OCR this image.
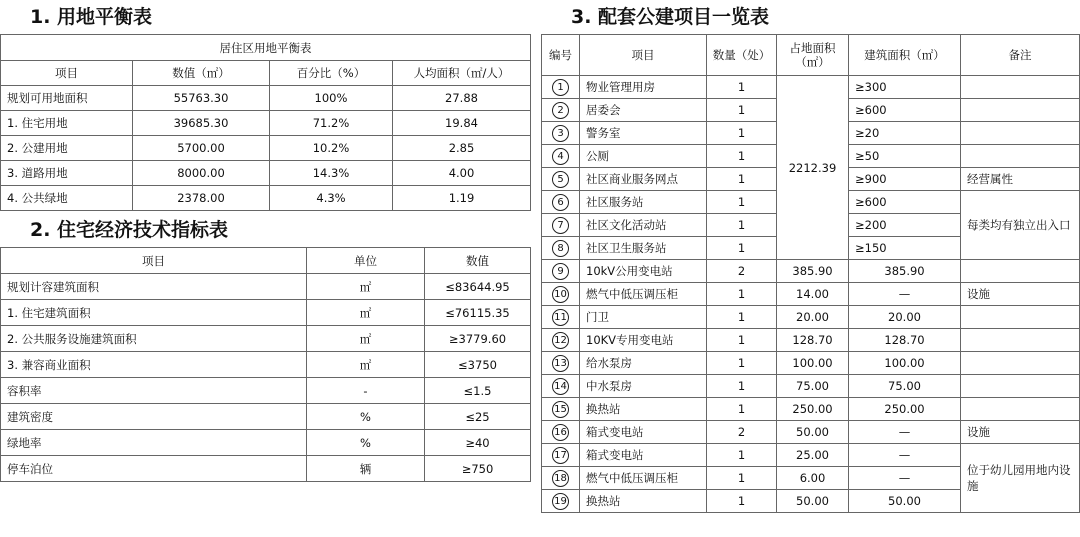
1. 用地平衡表
居住区用地平衡表			
项目	数值（㎡）	百分比（%）	人均面积（㎡/人）
规划可用地面积	55763.30	100%	27.88
1. 住宅用地	39685.30	71.2%	19.84
2. 公建用地	5700.00	10.2%	2.85
3. 道路用地	8000.00	14.3%	4.00
4. 公共绿地	2378.00	4.3%	1.19
2. 住宅经济技术指标表
项目	单位	数值
规划计容建筑面积	㎡	≤83644.95
1. 住宅建筑面积	㎡	≤76115.35
2. 公共服务设施建筑面积	㎡	≥3779.60
3. 兼容商业面积	㎡	≤3750
容积率	-	≤1.5
建筑密度	%	≤25
绿地率	%	≥40
停车泊位	辆	≥750
3. 配套公建项目一览表
编号	项目	数量（处）	占地面积（㎡）	建筑面积（㎡）	备注
1	物业管理用房	1	2212.39	≥300	
2	居委会	1		≥600	
3	警务室	1		≥20	
4	公厕	1		≥50	
5	社区商业服务网点	1		≥900	经营属性
6	社区服务站	1		≥600	每类均有独立出入口
7	社区文化活动站	1		≥200	
8	社区卫生服务站	1		≥150	
9	10kV公用变电站	2	385.90	385.90	
10	燃气中低压调压柜	1	14.00	—	设施
11	门卫	1	20.00	20.00	
12	10KV专用变电站	1	128.70	128.70	
13	给水泵房	1	100.00	100.00	
14	中水泵房	1	75.00	75.00	
15	换热站	1	250.00	250.00	
16	箱式变电站	2	50.00	—	设施
17	箱式变电站	1	25.00	—	位于幼儿园用地内设施
18	燃气中低压调压柜	1	6.00	—	
19	换热站	1	50.00	50.00	
